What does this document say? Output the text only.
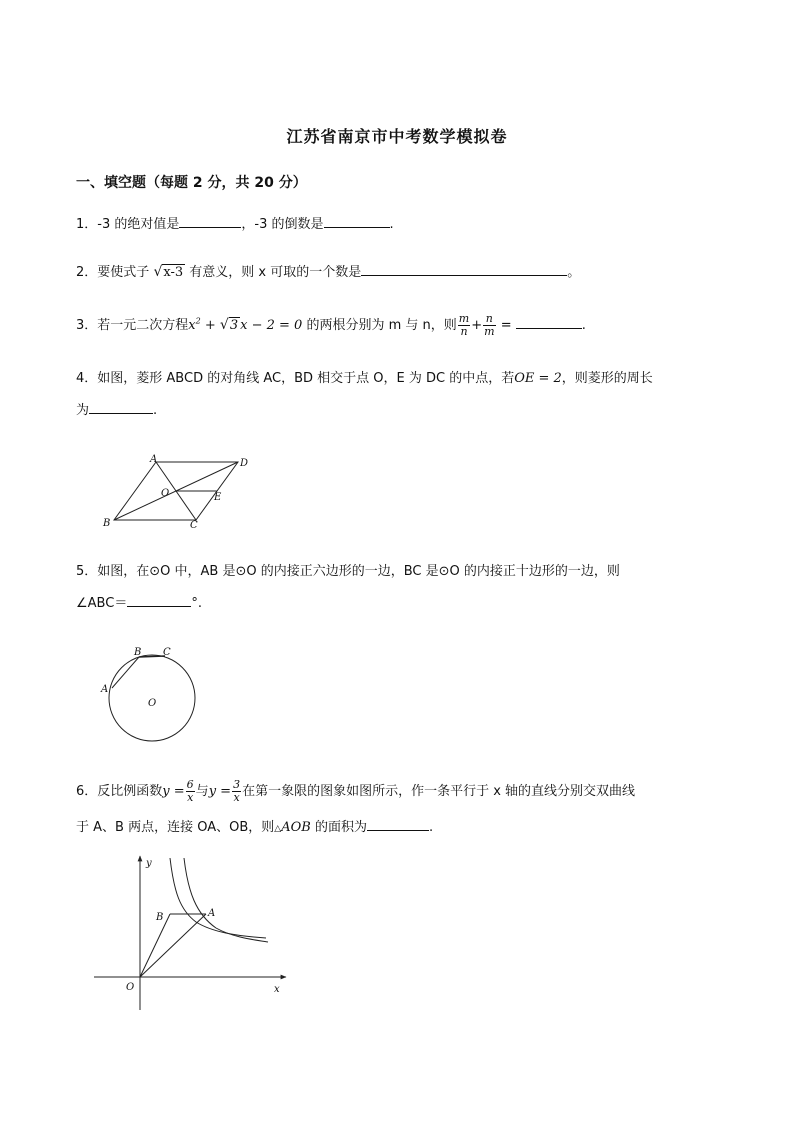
江苏省南京市中考数学模拟卷
一、填空题（每题 2 分，共 20 分）
1．-3 的绝对值是	，-3 的倒数是	.
2．要使式子 √x-3 有意义，则 x 可取的一个数是	。
3．若一元二次方程$x^2 + √3$ x − 2 = 0 的两根分别为 m 与 n，则 $\frac{m}{n} + \frac{n}{m}$ =	.
4．如图，菱形 ABCD 的对角线 AC，BD 相交于点 O，E 为 DC 的中点，若OE = 2，则菱形的周长
为	.
A	D
B	C
O	E
5．如图，在⊙O 中，AB 是⊙O 的内接正六边形的一边，BC 是⊙O 的内接正十边形的一边，则
∠ABC＝	°.
A
B C
O
6．反比例函数$y = \frac{6}{x}$ 与$y = \frac{3}{x}$ 在第一象限的图象如图所示，作一条平行于 x 轴的直线分别交双曲线
于 A、B 两点，连接 OA、OB，则△AOB 的面积为	.
y
x
O
B	A
